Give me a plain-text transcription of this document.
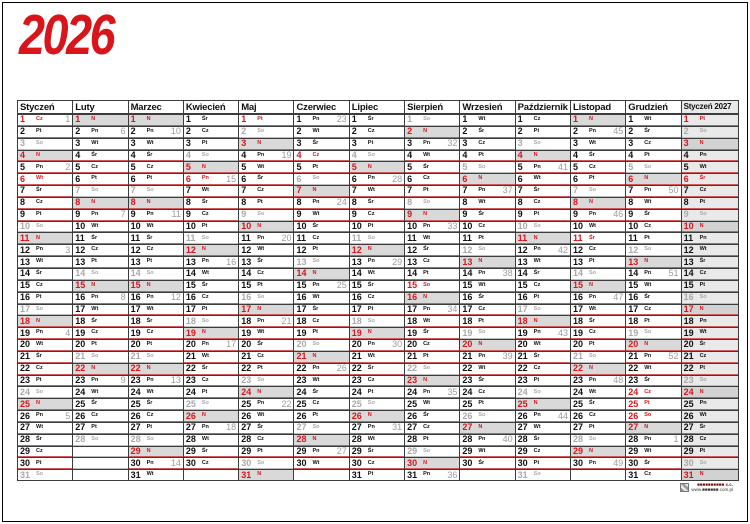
2026
Styczeń
1	Cz	1
2	Pt
3	So
4	N
5	Pn	2
6	Wt
7	Śr
8	Cz
9	Pt
10	So
11	N
12	Pn	3
13	Wt
14	Śr
15	Cz
16	Pt
17	So
18	N
19	Pn	4
20	Wt
21	Śr
22	Cz
23	Pt
24	So
25	N
26	Pn	5
27	Wt
28	Śr
29	Cz
30	Pt
31	So
Luty
1	N
2	Pn	6
3	Wt
4	Śr
5	Cz
6	Pt
7	So
8	N
9	Pn	7
10	Wt
11	Śr
12	Cz
13	Pt
14	So
15	N
16	Pn	8
17	Wt
18	Śr
19	Cz
20	Pt
21	So
22	N
23	Pn	9
24	Wt
25	Śr
26	Cz
27	Pt
28	So
Marzec
1	N
2	Pn	10
3	Wt
4	Śr
5	Cz
6	Pt
7	So
8	N
9	Pn	11
10	Wt
11	Śr
12	Cz
13	Pt
14	So
15	N
16	Pn	12
17	Wt
18	Śr
19	Cz
20	Pt
21	So
22	N
23	Pn	13
24	Wt
25	Śr
26	Cz
27	Pt
28	So
29	N
30	Pn	14
31	Wt
Kwiecień
1	Śr
2	Cz
3	Pt
4	So
5	N
6	Pn	15
7	Wt
8	Śr
9	Cz
10	Pt
11	So
12	N
13	Pn	16
14	Wt
15	Śr
16	Cz
17	Pt
18	So
19	N
20	Pn	17
21	Wt
22	Śr
23	Cz
24	Pt
25	So
26	N
27	Pn	18
28	Wt
29	Śr
30	Cz
Maj
1	Pt
2	So
3	N
4	Pn	19
5	Wt
6	Śr
7	Cz
8	Pt
9	So
10	N
11	Pn	20
12	Wt
13	Śr
14	Cz
15	Pt
16	So
17	N
18	Pn	21
19	Wt
20	Śr
21	Cz
22	Pt
23	So
24	N
25	Pn	22
26	Wt
27	Śr
28	Cz
29	Pt
30	So
31	N
Czerwiec
1	Pn	23
2	Wt
3	Śr
4	Cz
5	Pt
6	So
7	N
8	Pn	24
9	Wt
10	Śr
11	Cz
12	Pt
13	So
14	N
15	Pn	25
16	Wt
17	Śr
18	Cz
19	Pt
20	So
21	N
22	Pn	26
23	Wt
24	Śr
25	Cz
26	Pt
27	So
28	N
29	Pn	27
30	Wt
Lipiec
1	Śr
2	Cz
3	Pt
4	So
5	N
6	Pn	28
7	Wt
8	Śr
9	Cz
10	Pt
11	So
12	N
13	Pn	29
14	Wt
15	Śr
16	Cz
17	Pt
18	So
19	N
20	Pn	30
21	Wt
22	Śr
23	Cz
24	Pt
25	So
26	N
27	Pn	31
28	Wt
29	Śr
30	Cz
31	Pt
Sierpień
1	So
2	N
3	Pn	32
4	Wt
5	Śr
6	Cz
7	Pt
8	So
9	N
10	Pn	33
11	Wt
12	Śr
13	Cz
14	Pt
15	So
16	N
17	Pn	34
18	Wt
19	Śr
20	Cz
21	Pt
22	So
23	N
24	Pn	35
25	Wt
26	Śr
27	Cz
28	Pt
29	So
30	N
31	Pn	36
Wrzesień
1	Wt
2	Śr
3	Cz
4	Pt
5	So
6	N
7	Pn	37
8	Wt
9	Śr
10	Cz
11	Pt
12	So
13	N
14	Pn	38
15	Wt
16	Śr
17	Cz
18	Pt
19	So
20	N
21	Pn	39
22	Wt
23	Śr
24	Cz
25	Pt
26	So
27	N
28	Pn	40
29	Wt
30	Śr
Październik
1	Cz
2	Pt
3	So
4	N
5	Pn	41
6	Wt
7	Śr
8	Cz
9	Pt
10	So
11	N
12	Pn	42
13	Wt
14	Śr
15	Cz
16	Pt
17	So
18	N
19	Pn	43
20	Wt
21	Śr
22	Cz
23	Pt
24	So
25	N
26	Pn	44
27	Wt
28	Śr
29	Cz
30	Pt
31	So
Listopad
1	N
2	Pn	45
3	Wt
4	Śr
5	Cz
6	Pt
7	So
8	N
9	Pn	46
10	Wt
11	Śr
12	Cz
13	Pt
14	So
15	N
16	Pn	47
17	Wt
18	Śr
19	Cz
20	Pt
21	So
22	N
23	Pn	48
24	Wt
25	Śr
26	Cz
27	Pt
28	So
29	N
30	Pn	49
Grudzień
1	Wt
2	Śr
3	Cz
4	Pt
5	So
6	N
7	Pn	50
8	Wt
9	Śr
10	Cz
11	Pt
12	So
13	N
14	Pn	51
15	Wt
16	Śr
17	Cz
18	Pt
19	So
20	N
21	Pn	52
22	Wt
23	Śr
24	Cz
25	Pt
26	So
27	N
28	Pn	1
29	Wt
30	Śr
31	Cz
Styczeń 2027
1	Pt
2	So
3	N
4	Pn
5	Wt
6	Śr
7	Cz
8	Pt
9	So
10	N
11	Pn
12	Wt
13	Śr
14	Cz
15	Pt
16	So
17	N
18	Pn
19	Wt
20	Śr
21	Cz
22	Pt
23	So
24	N
25	Pn
26	Wt
27	Śr
28	Cz
29	Pt
30	So
31	N
■■■■■■■■■■ s.c.
www.■■■■■■.com.pl
